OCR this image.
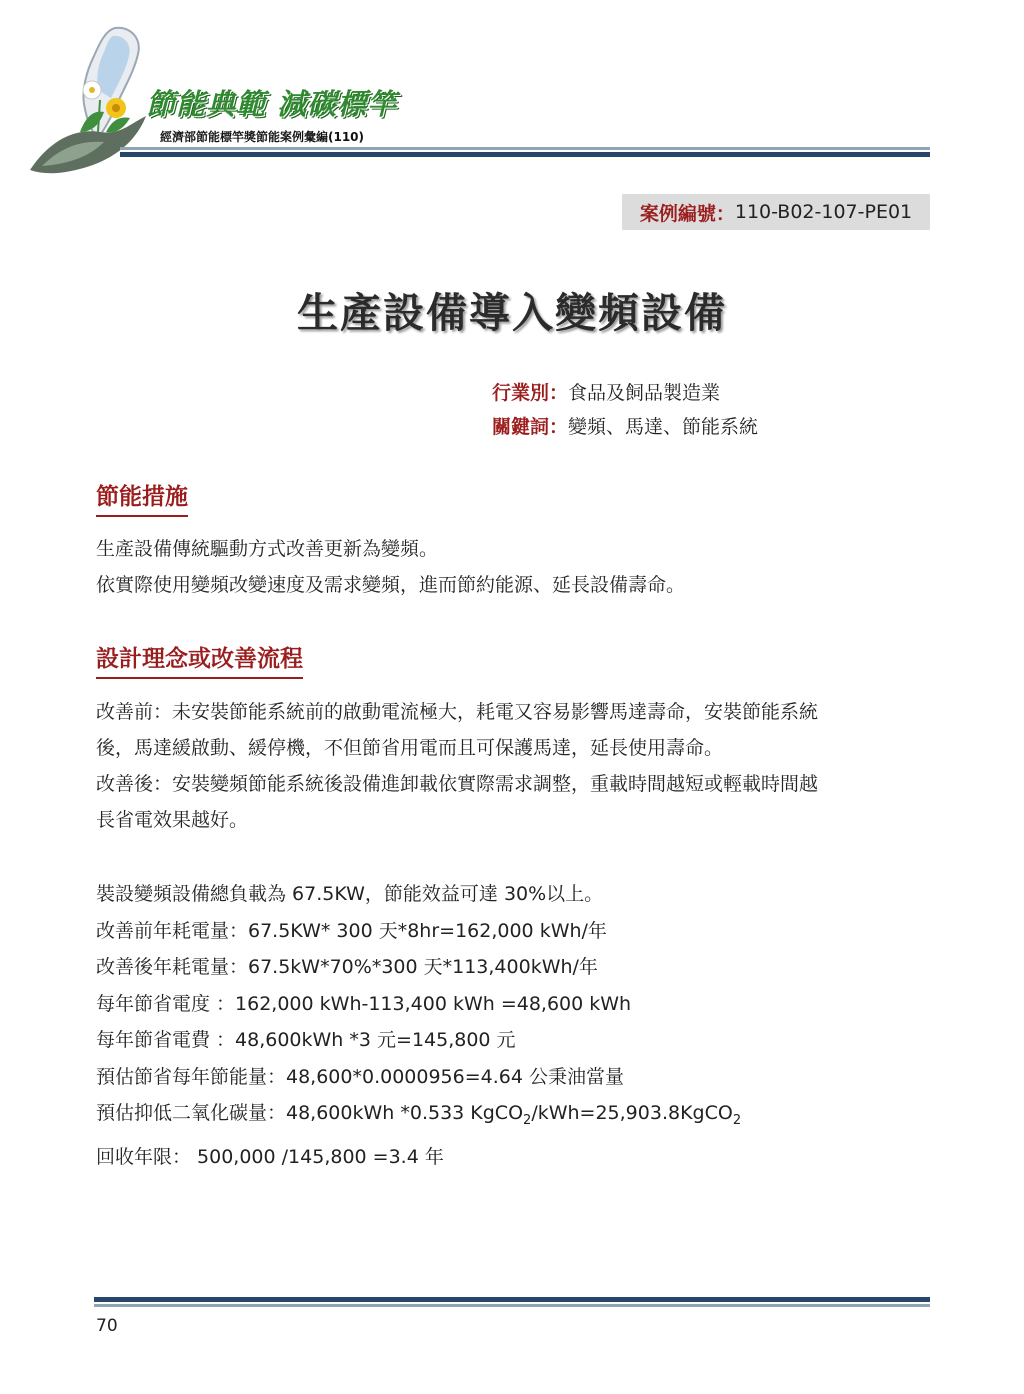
節能典範 減碳標竿
經濟部節能標竿獎節能案例彙編(110)
案例編號： 110-B02-107-PE01
生產設備導入變頻設備
行業別：食品及飼品製造業
關鍵詞：變頻、馬達、節能系統
節能措施
生產設備傳統驅動方式改善更新為變頻。
依實際使用變頻改變速度及需求變頻，進而節約能源、延長設備壽命。
設計理念或改善流程
改善前：未安裝節能系統前的啟動電流極大，耗電又容易影響馬達壽命，安裝節能系統
後，馬達緩啟動、緩停機，不但節省用電而且可保護馬達，延長使用壽命。
改善後：安裝變頻節能系統後設備進卸載依實際需求調整，重載時間越短或輕載時間越
長省電效果越好。
裝設變頻設備總負載為 67.5KW，節能效益可達 30%以上。
改善前年耗電量：67.5KW* 300 天*8hr=162,000 kWh/年
改善後年耗電量：67.5kW*70%*300 天*113,400kWh/年
每年節省電度 ：162,000 kWh-113,400 kWh =48,600 kWh
每年節省電費 ：48,600kWh *3 元=145,800 元
預估節省每年節能量：48,600*0.0000956=4.64 公秉油當量
預估抑低二氧化碳量：48,600kWh *0.533 KgCO$_2$/kWh=25,903.8KgCO$_2$
回收年限： 500,000 /145,800 =3.4 年
70
